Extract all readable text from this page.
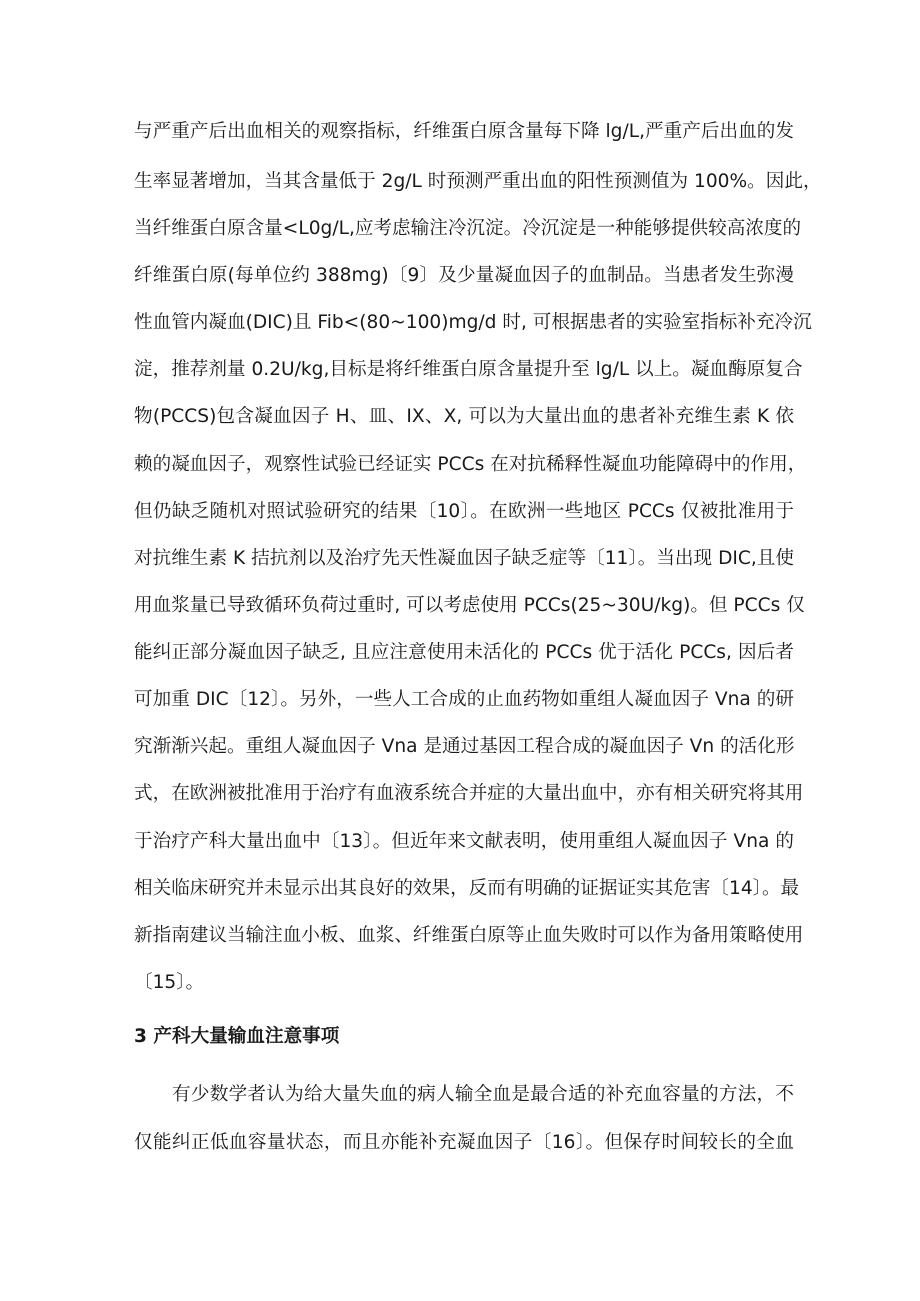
与严重产后出血相关的观察指标，纤维蛋白原含量每下降 lg/L,严重产后出血的发
生率显著增加，当其含量低于 2g∕L 时预测严重出血的阳性预测值为 100%。因此，
当纤维蛋白原含量<L0g∕L,应考虑输注冷沉淀。冷沉淀是一种能够提供较高浓度的
纤维蛋白原(每单位约 388mg)〔9〕及少量凝血因子的血制品。当患者发生弥漫
性血管内凝血(DIC)且 Fib<(80~100)mg/d 时, 可根据患者的实验室指标补充冷沉
淀，推荐剂量 0.2U∕kg,目标是将纤维蛋白原含量提升至 lg/L 以上。凝血酶原复合
物(PCCS)包含凝血因子 H、皿、IX、X, 可以为大量出血的患者补充维生素 K 依
赖的凝血因子，观察性试验已经证实 PCCs 在对抗稀释性凝血功能障碍中的作用，
但仍缺乏随机对照试验研究的结果〔10〕。在欧洲一些地区 PCCs 仅被批准用于
对抗维生素 K 拮抗剂以及治疗先天性凝血因子缺乏症等〔11〕。当出现 DIC,且使
用血浆量已导致循环负荷过重时, 可以考虑使用 PCCs(25~30U∕kg)。但 PCCs 仅
能纠正部分凝血因子缺乏, 且应注意使用未活化的 PCCs 优于活化 PCCs, 因后者
可加重 DIC〔12〕。另外，一些人工合成的止血药物如重组人凝血因子 Vna 的研
究渐渐兴起。重组人凝血因子 Vna 是通过基因工程合成的凝血因子 Vn 的活化形
式，在欧洲被批准用于治疗有血液系统合并症的大量出血中，亦有相关研究将其用
于治疗产科大量出血中〔13〕。但近年来文献表明，使用重组人凝血因子 Vna 的
相关临床研究并未显示出其良好的效果，反而有明确的证据证实其危害〔14〕。最
新指南建议当输注血小板、血浆、纤维蛋白原等止血失败时可以作为备用策略使用
〔15〕。
3 产科大量输血注意事项
有少数学者认为给大量失血的病人输全血是最合适的补充血容量的方法，不
仅能纠正低血容量状态，而且亦能补充凝血因子〔16〕。但保存时间较长的全血
